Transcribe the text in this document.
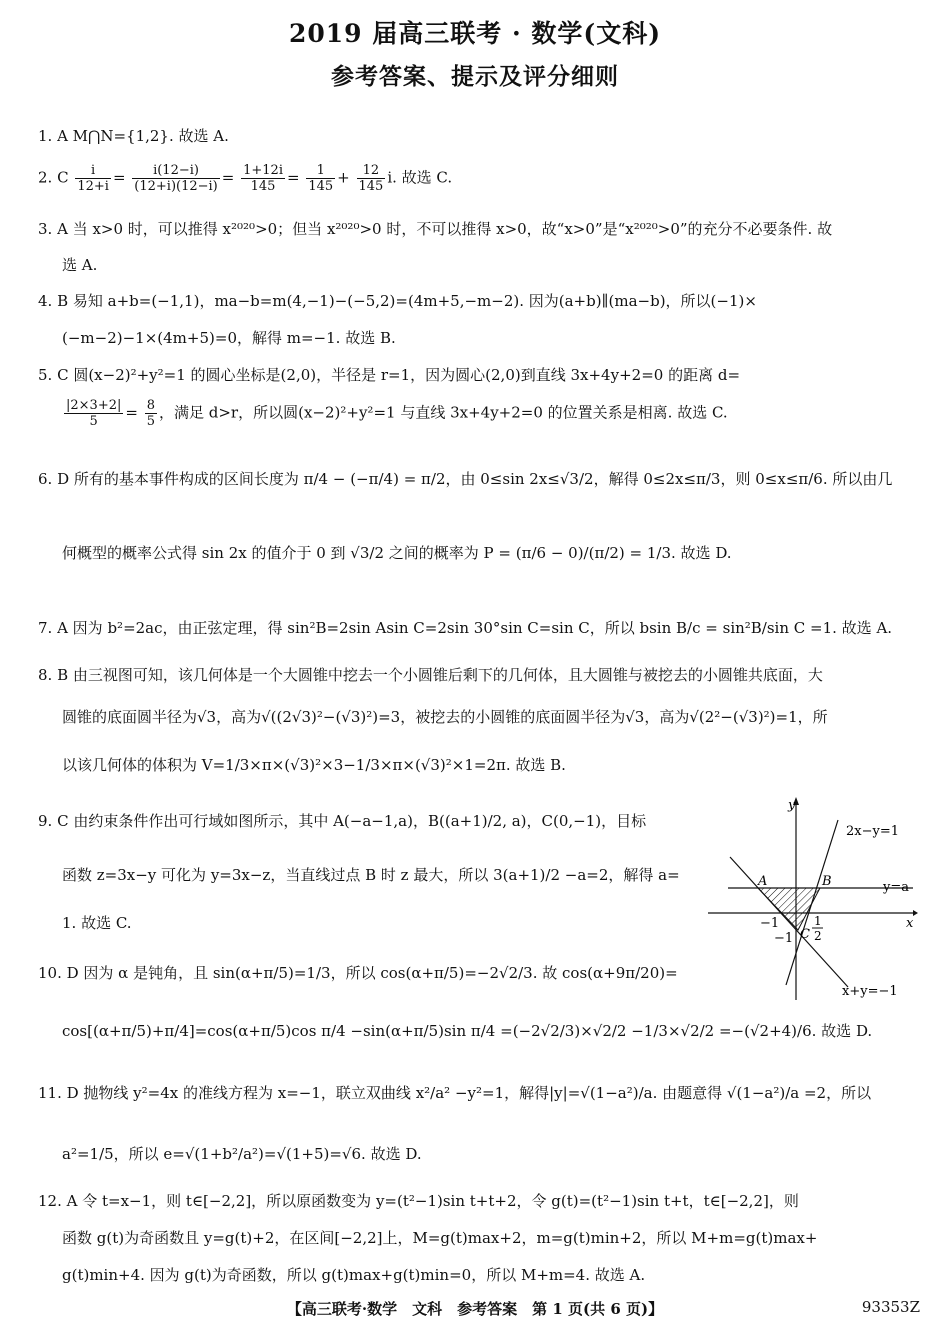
2019 届高三联考 · 数学(文科)
参考答案、提示及评分细则
1. A M⋂N={1,2}. 故选 A.
2. C $\frac{i}{12+i} = \frac{i(12-i)}{(12+i)(12-i)} = \frac{1+12i}{145} = \frac{1}{145} + \frac{12}{145} i$. 故选 C.
3. A 当 x>0 时，可以推得 x²⁰²⁰>0；但当 x²⁰²⁰>0 时，不可以推得 x>0，故“x>0”是“x²⁰²⁰>0”的充分不必要条件. 故
选 A.
4. B 易知 a+b=(−1,1)，ma−b=m(4,−1)−(−5,2)=(4m+5,−m−2). 因为(a+b)∥(ma−b)，所以(−1)×
(−m−2)−1×(4m+5)=0，解得 m=−1. 故选 B.
5. C 圆(x−2)²+y²=1 的圆心坐标是(2,0)，半径是 r=1，因为圆心(2,0)到直线 3x+4y+2=0 的距离 d=
$\frac{|2\times 3+2|}{5} = \frac{8}{5}$ ，满足 d>r，所以圆(x−2)²+y²=1 与直线 3x+4y+2=0 的位置关系是相离. 故选 C.
6. D 所有的基本事件构成的区间长度为 π/4 − (−π/4) = π/2，由 0≤sin 2x≤√3/2，解得 0≤2x≤π/3，则 0≤x≤π/6. 所以由几
何概型的概率公式得 sin 2x 的值介于 0 到 √3/2 之间的概率为 P = (π/6 − 0)/(π/2) = 1/3. 故选 D.
7. A 因为 b²=2ac，由正弦定理，得 sin²B=2sin Asin C=2sin 30°sin C=sin C，所以 bsin B/c = sin²B/sin C =1. 故选 A.
8. B 由三视图可知，该几何体是一个大圆锥中挖去一个小圆锥后剩下的几何体，且大圆锥与被挖去的小圆锥共底面，大
圆锥的底面圆半径为√3，高为√((2√3)²−(√3)²)=3，被挖去的小圆锥的底面圆半径为√3，高为√(2²−(√3)²)=1，所
以该几何体的体积为 V=1/3×π×(√3)²×3−1/3×π×(√3)²×1=2π. 故选 B.
9. C 由约束条件作出可行域如图所示，其中 A(−a−1,a)，B((a+1)/2, a)，C(0,−1)，目标
函数 z=3x−y 可化为 y=3x−z，当直线过点 B 时 z 最大，所以 3(a+1)/2 −a=2，解得 a=
1. 故选 C.
y
x
2x−y=1
y=a
x+y=−1
A	B
C
−1
−1
1
2
10. D 因为 α 是钝角，且 sin(α+π/5)=1/3，所以 cos(α+π/5)=−2√2/3. 故 cos(α+9π/20)=
cos[(α+π/5)+π/4]=cos(α+π/5)cos π/4 −sin(α+π/5)sin π/4 =(−2√2/3)×√2/2 −1/3×√2/2 =−(√2+4)/6. 故选 D.
11. D 抛物线 y²=4x 的准线方程为 x=−1，联立双曲线 x²/a² −y²=1，解得|y|=√(1−a²)/a. 由题意得 √(1−a²)/a =2，所以
a²=1/5，所以 e=√(1+b²/a²)=√(1+5)=√6. 故选 D.
12. A 令 t=x−1，则 t∈[−2,2]，所以原函数变为 y=(t²−1)sin t+t+2，令 g(t)=(t²−1)sin t+t，t∈[−2,2]，则
函数 g(t)为奇函数且 y=g(t)+2，在区间[−2,2]上，M=g(t)max+2，m=g(t)min+2，所以 M+m=g(t)max+
g(t)min+4. 因为 g(t)为奇函数，所以 g(t)max+g(t)min=0，所以 M+m=4. 故选 A.
【高三联考·数学　文科　参考答案　第 1 页(共 6 页)】	93353Z
